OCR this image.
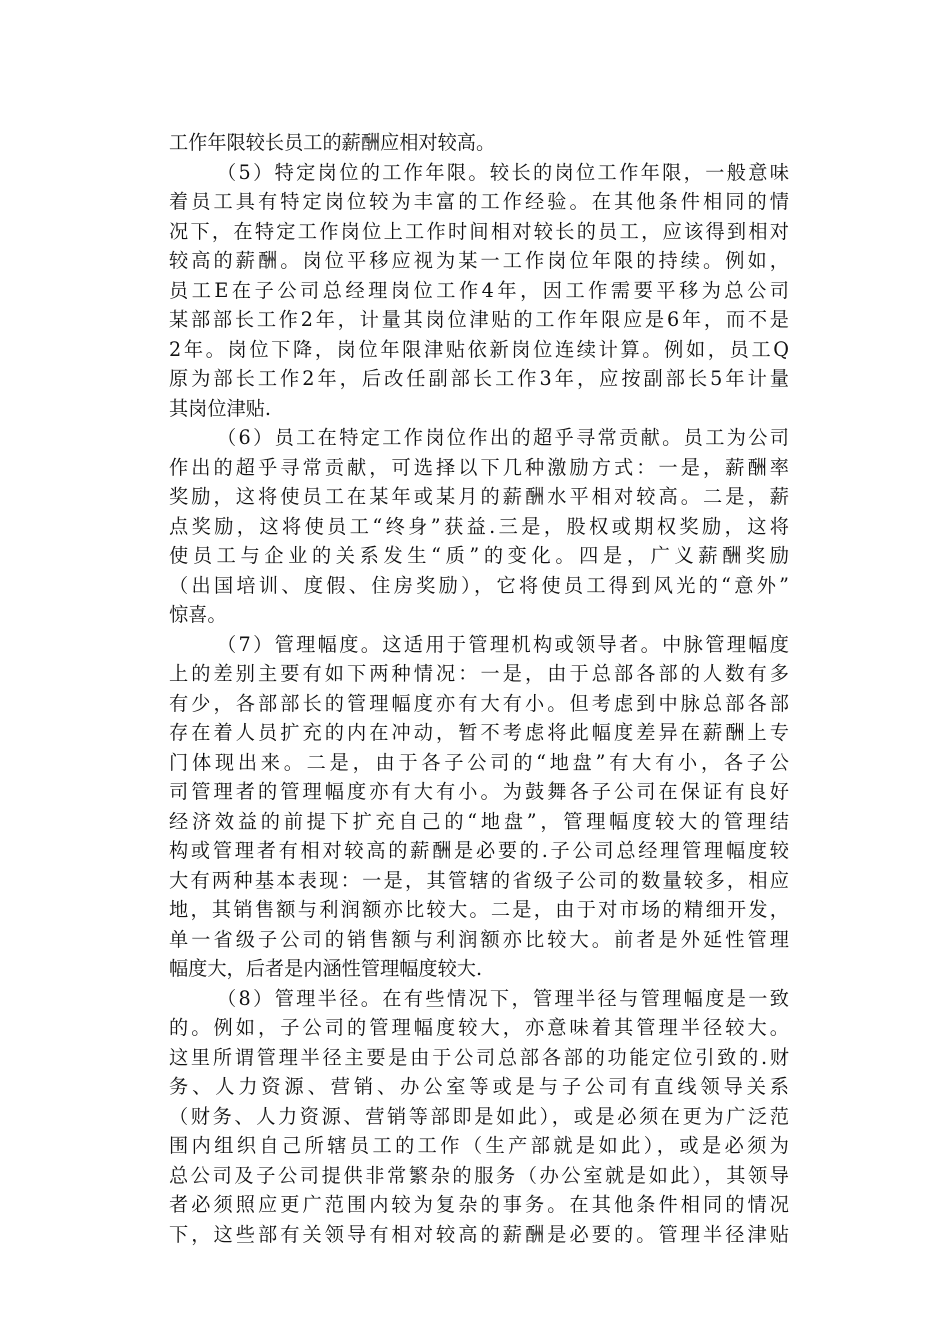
工作年限较长员工的薪酬应相对较高。
（5）特定岗位的工作年限。较长的岗位工作年限，一般意味
着员工具有特定岗位较为丰富的工作经验。在其他条件相同的情
况下，在特定工作岗位上工作时间相对较长的员工，应该得到相对
较高的薪酬。岗位平移应视为某一工作岗位年限的持续。例如，
员工E在子公司总经理岗位工作4年，因工作需要平移为总公司
某部部长工作2年，计量其岗位津贴的工作年限应是6年，而不是
2年。岗位下降，岗位年限津贴依新岗位连续计算。例如，员工Q
原为部长工作2年，后改任副部长工作3年，应按副部长5年计量
其岗位津贴.
（6）员工在特定工作岗位作出的超乎寻常贡献。员工为公司
作出的超乎寻常贡献，可选择以下几种激励方式：一是，薪酬率
奖励，这将使员工在某年或某月的薪酬水平相对较高。二是，薪
点奖励，这将使员工“终身”获益.三是，股权或期权奖励，这将
使员工与企业的关系发生“质”的变化。四是，广义薪酬奖励
（出国培训、度假、住房奖励），它将使员工得到风光的“意外”
惊喜。
（7）管理幅度。这适用于管理机构或领导者。中脉管理幅度
上的差别主要有如下两种情况：一是，由于总部各部的人数有多
有少，各部部长的管理幅度亦有大有小。但考虑到中脉总部各部
存在着人员扩充的内在冲动，暂不考虑将此幅度差异在薪酬上专
门体现出来。二是，由于各子公司的“地盘”有大有小，各子公
司管理者的管理幅度亦有大有小。为鼓舞各子公司在保证有良好
经济效益的前提下扩充自己的“地盘”，管理幅度较大的管理结
构或管理者有相对较高的薪酬是必要的.子公司总经理管理幅度较
大有两种基本表现：一是，其管辖的省级子公司的数量较多，相应
地，其销售额与利润额亦比较大。二是，由于对市场的精细开发，
单一省级子公司的销售额与利润额亦比较大。前者是外延性管理
幅度大，后者是内涵性管理幅度较大.
（8）管理半径。在有些情况下，管理半径与管理幅度是一致
的。例如，子公司的管理幅度较大，亦意味着其管理半径较大。
这里所谓管理半径主要是由于公司总部各部的功能定位引致的.财
务、人力资源、营销、办公室等或是与子公司有直线领导关系
（财务、人力资源、营销等部即是如此），或是必须在更为广泛范
围内组织自己所辖员工的工作（生产部就是如此），或是必须为
总公司及子公司提供非常繁杂的服务（办公室就是如此），其领导
者必须照应更广范围内较为复杂的事务。在其他条件相同的情况
下，这些部有关领导有相对较高的薪酬是必要的。管理半径津贴
